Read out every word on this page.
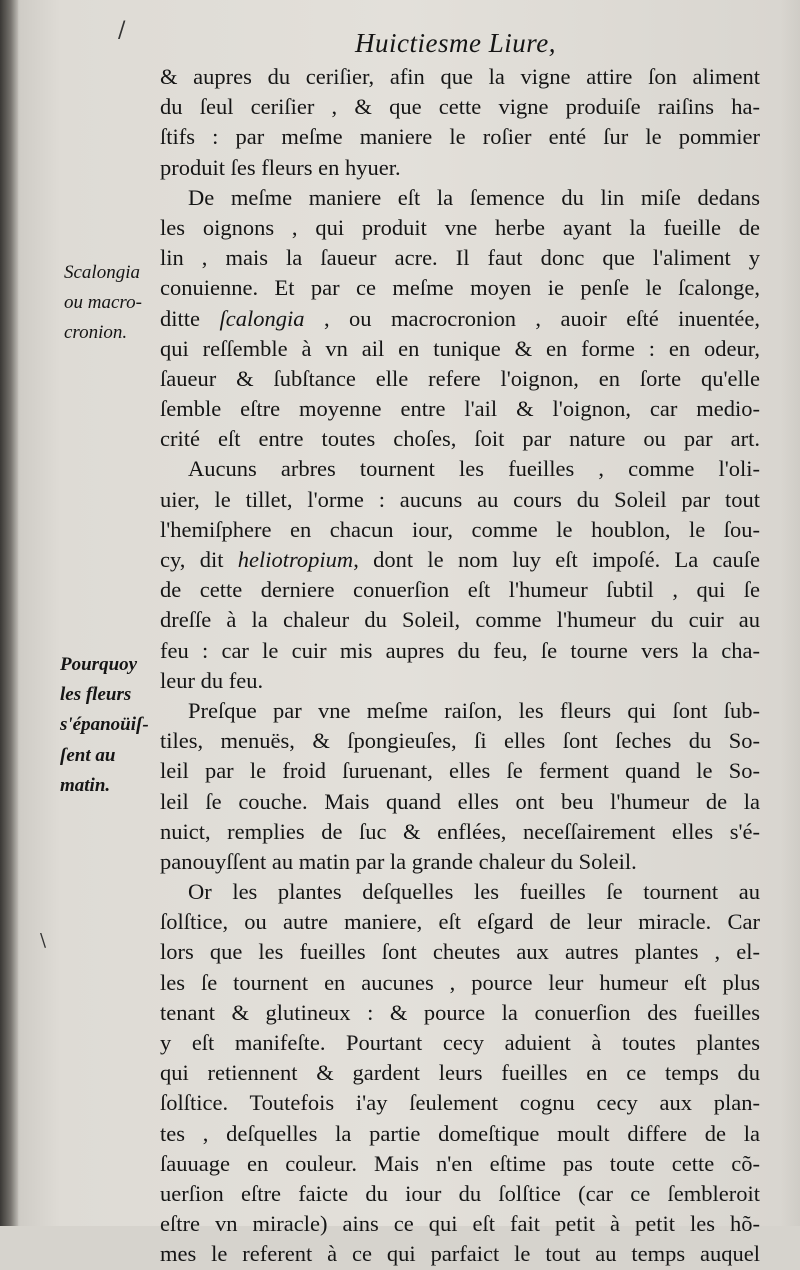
/
\
Huictiesme Liure,
Scalongia
ou macro-
cronion.
Pourquoy
les fleurs
s'épanoüiſ-
ſent au
matin.
& aupres du ceriſier, afin que la vigne attire ſon aliment
du ſeul ceriſier , & que cette vigne produiſe raiſins ha-
ſtifs : par meſme maniere le roſier enté ſur le pommier
produit ſes fleurs en hyuer.
De meſme maniere eſt la ſemence du lin miſe dedans
les oignons , qui produit vne herbe ayant la fueille de
lin , mais la ſaueur acre. Il faut donc que l'aliment y
conuienne. Et par ce meſme moyen ie penſe le ſcalonge,
ditte ſcalongia , ou macrocronion , auoir eſté inuentée,
qui reſſemble à vn ail en tunique & en forme : en odeur,
ſaueur & ſubſtance elle refere l'oignon, en ſorte qu'elle
ſemble eſtre moyenne entre l'ail & l'oignon, car medio-
crité eſt entre toutes choſes, ſoit par nature ou par art.
Aucuns arbres tournent les fueilles , comme l'oli-
uier, le tillet, l'orme : aucuns au cours du Soleil par tout
l'hemiſphere en chacun iour, comme le houblon, le ſou-
cy, dit heliotropium, dont le nom luy eſt impoſé. La cauſe
de cette derniere conuerſion eſt l'humeur ſubtil , qui ſe
dreſſe à la chaleur du Soleil, comme l'humeur du cuir au
feu : car le cuir mis aupres du feu, ſe tourne vers la cha-
leur du feu.
Preſque par vne meſme raiſon, les fleurs qui ſont ſub-
tiles, menuës, & ſpongieuſes, ſi elles ſont ſeches du So-
leil par le froid ſuruenant, elles ſe ferment quand le So-
leil ſe couche. Mais quand elles ont beu l'humeur de la
nuict, remplies de ſuc & enflées, neceſſairement elles s'é-
panouyſſent au matin par la grande chaleur du Soleil.
Or les plantes deſquelles les fueilles ſe tournent au
ſolſtice, ou autre maniere, eſt eſgard de leur miracle. Car
lors que les fueilles ſont cheutes aux autres plantes , el-
les ſe tournent en aucunes , pource leur humeur eſt plus
tenant & glutineux : & pource la conuerſion des fueilles
y eſt manifeſte. Pourtant cecy aduient à toutes plantes
qui retiennent & gardent leurs fueilles en ce temps du
ſolſtice. Toutefois i'ay ſeulement cognu cecy aux plan-
tes , deſquelles la partie domeſtique moult differe de la
ſauuage en couleur. Mais n'en eſtime pas toute cette cõ-
uerſion eſtre faicte du iour du ſolſtice (car ce ſembleroit
eſtre vn miracle) ains ce qui eſt fait petit à petit les hõ-
mes le referent à ce qui parfaict le tout au temps auquel
